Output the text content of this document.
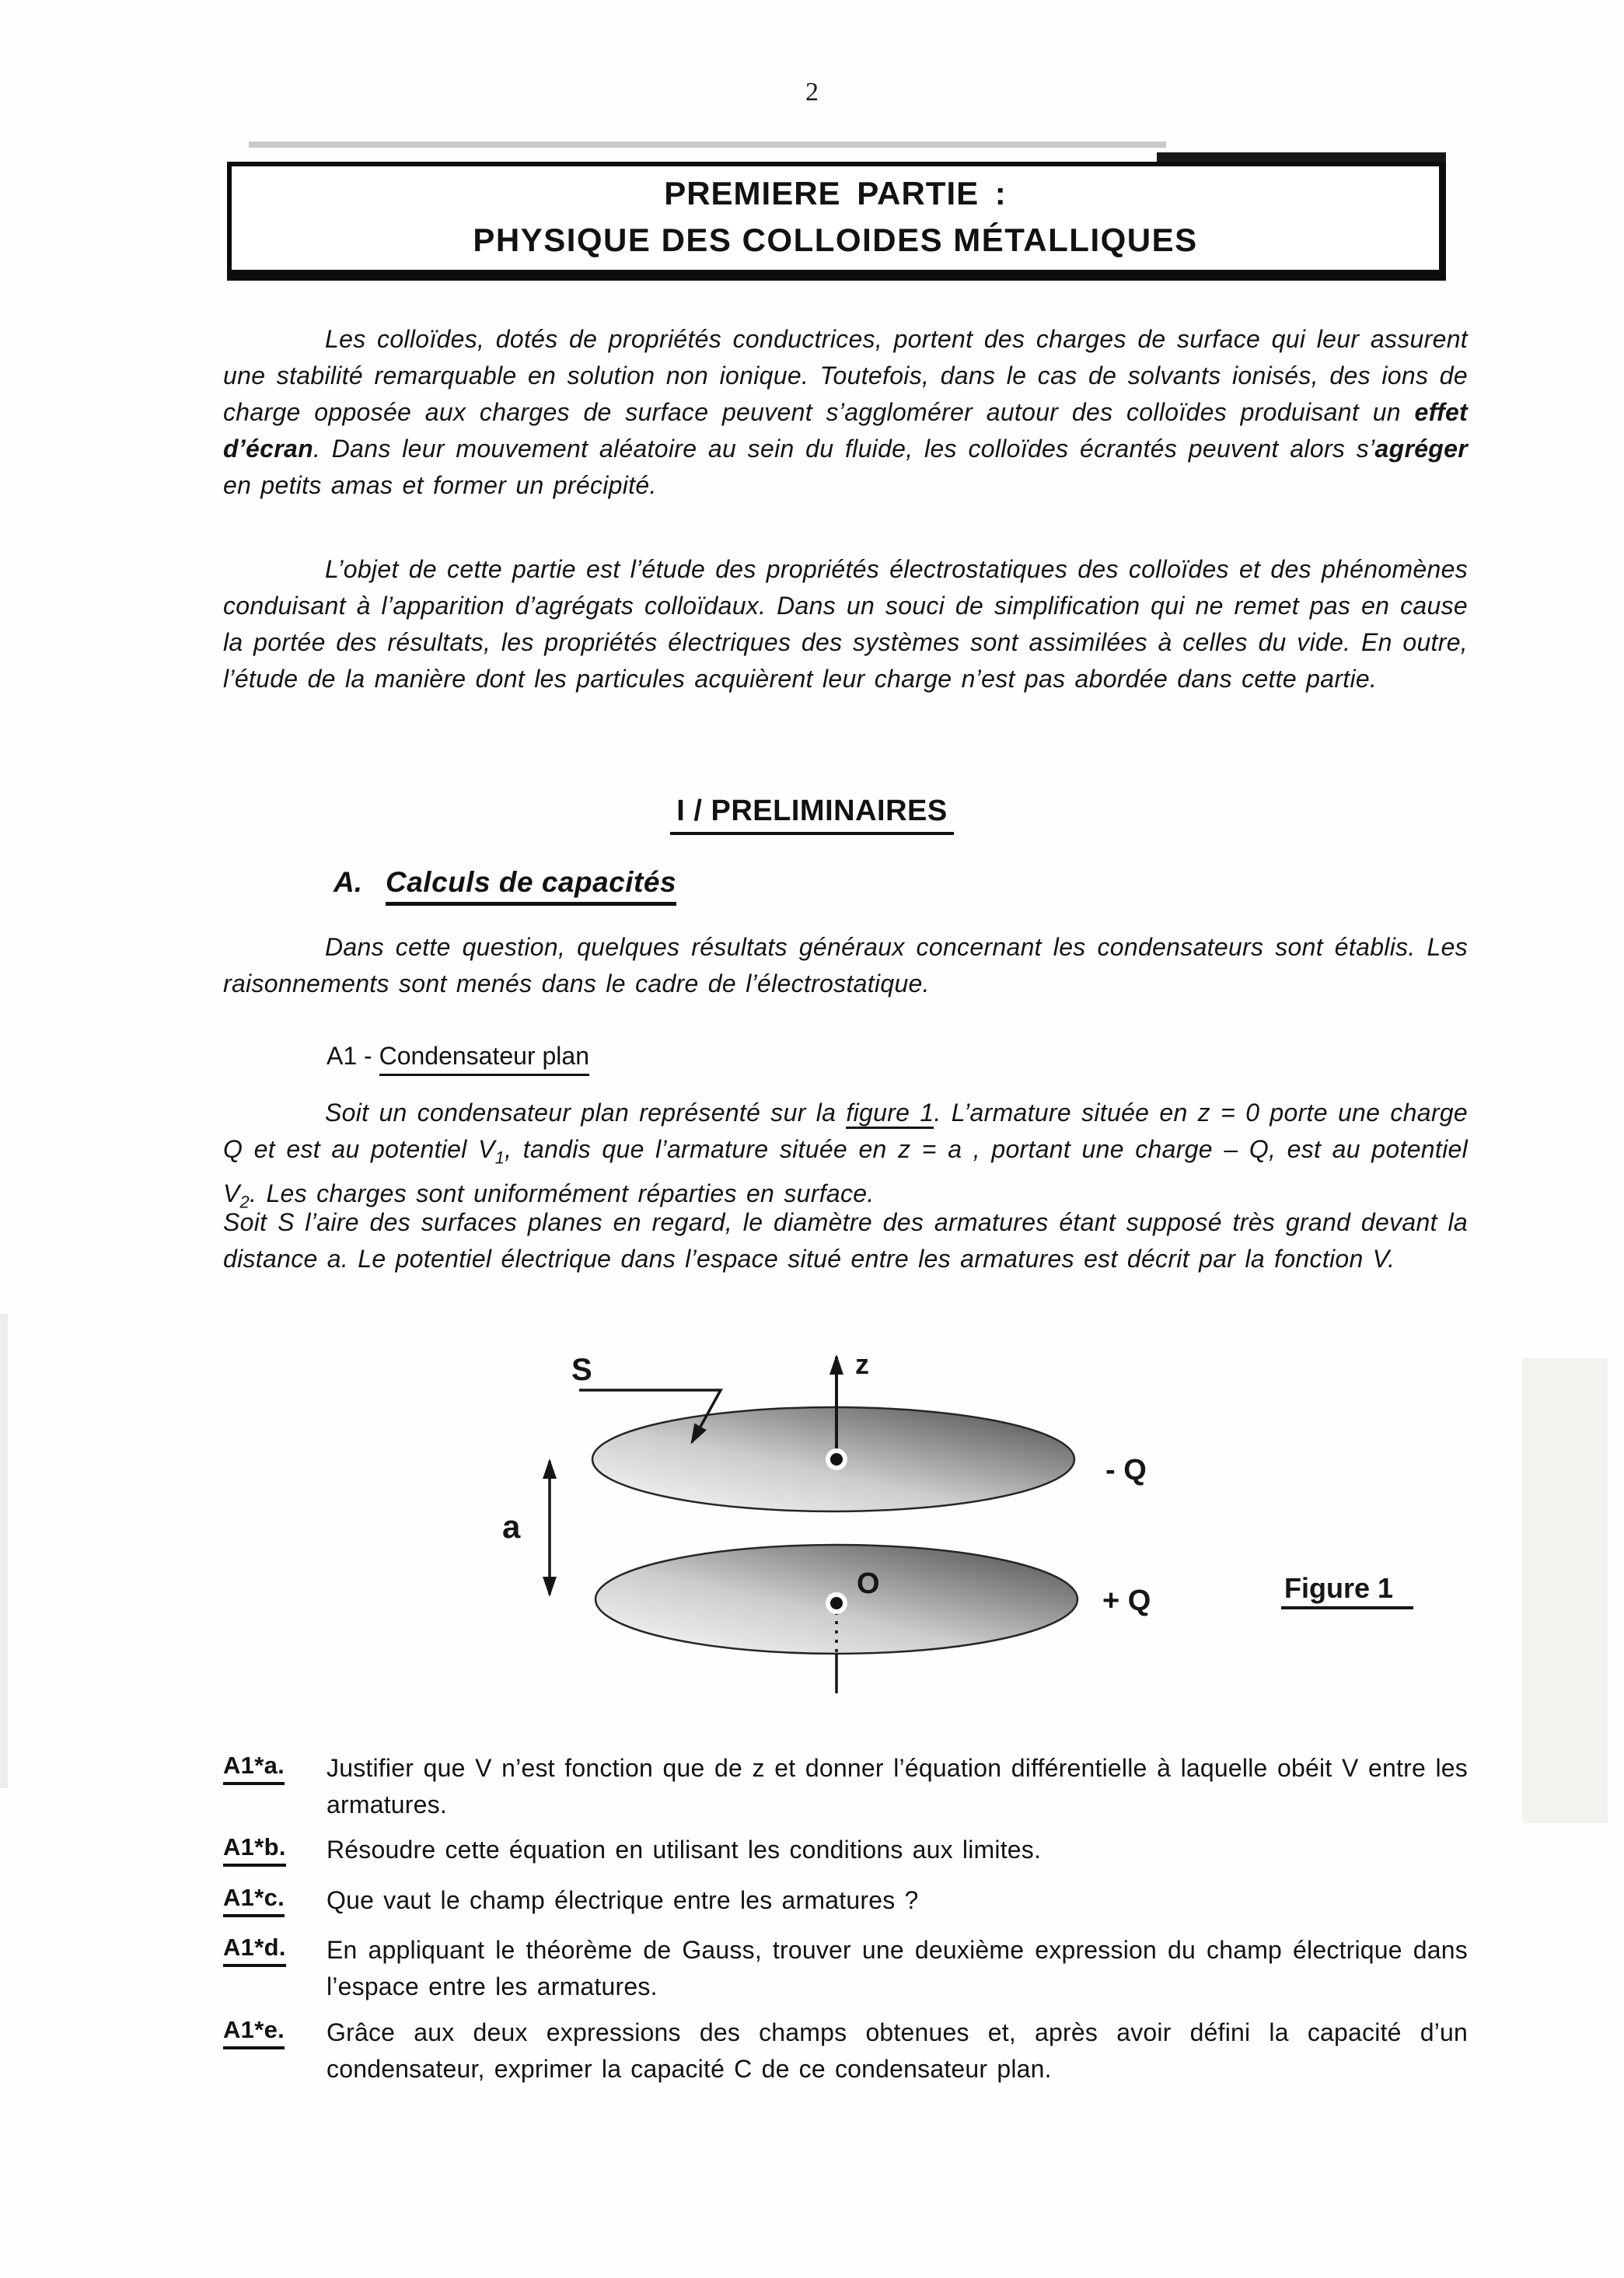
2
PREMIERE PARTIE :
PHYSIQUE DES COLLOIDES MÉTALLIQUES
Les colloïdes, dotés de propriétés conductrices, portent des charges de surface qui leur assurent une stabilité remarquable en solution non ionique. Toutefois, dans le cas de solvants ionisés, des ions de charge opposée aux charges de surface peuvent s’agglomérer autour des colloïdes produisant un effet d’écran. Dans leur mouvement aléatoire au sein du fluide, les colloïdes écrantés peuvent alors s’agréger en petits amas et former un précipité.
L’objet de cette partie est l’étude des propriétés électrostatiques des colloïdes et des phénomènes conduisant à l’apparition d’agrégats colloïdaux. Dans un souci de simplification qui ne remet pas en cause la portée des résultats, les propriétés électriques des systèmes sont assimilées à celles du vide. En outre, l’étude de la manière dont les particules acquièrent leur charge n’est pas abordée dans cette partie.
I / PRELIMINAIRES
A. Calculs de capacités
Dans cette question, quelques résultats généraux concernant les condensateurs sont établis. Les raisonnements sont menés dans le cadre de l’électrostatique.
A1 - Condensateur plan
Soit un condensateur plan représenté sur la figure 1. L’armature située en z = 0 porte une charge Q et est au potentiel $V_1$, tandis que l’armature située en z = a , portant une charge – Q, est au potentiel $V_2$. Les charges sont uniformément réparties en surface.
Soit S l’aire des surfaces planes en regard, le diamètre des armatures étant supposé très grand devant la distance a. Le potentiel électrique dans l’espace situé entre les armatures est décrit par la fonction V.
z
S
a
O
- Q
+ Q	Figure 1
A1*a. Justifier que V n’est fonction que de z et donner l’équation différentielle à laquelle obéit V entre les armatures.
A1*b. Résoudre cette équation en utilisant les conditions aux limites.
A1*c. Que vaut le champ électrique entre les armatures ?
A1*d. En appliquant le théorème de Gauss, trouver une deuxième expression du champ électrique dans l’espace entre les armatures.
A1*e. Grâce aux deux expressions des champs obtenues et, après avoir défini la capacité d’un condensateur, exprimer la capacité C de ce condensateur plan.
